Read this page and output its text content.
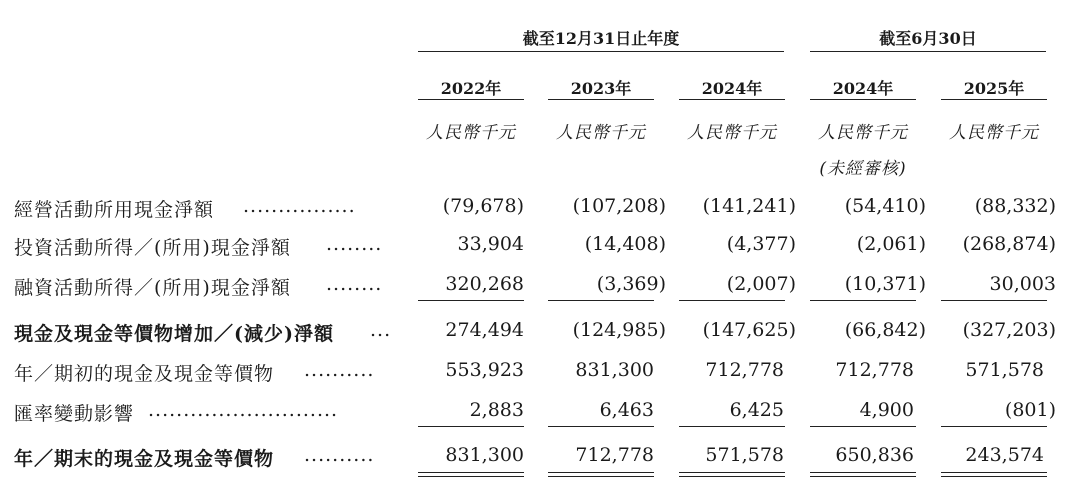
截至12月31日止年度	截至6月30日
2022年	2023年	2024年	2024年	2025年
人民幣千元	人民幣千元	人民幣千元	人民幣千元	人民幣千元
(未經審核)
經營活動所用現金淨額 ................	(79,678)	(107,208)	(141,241)	(54,410)	(88,332)
投資活動所得／(所用)現金淨額 ........	33,904	(14,408)	(4,377)	(2,061)	(268,874)
融資活動所得／(所用)現金淨額 ........	320,268	(3,369)	(2,007)	(10,371)	30,003
現金及現金等價物增加／(減少)淨額 ...	274,494	(124,985)	(147,625)	(66,842)	(327,203)
年／期初的現金及現金等價物 ..........	553,923	831,300	712,778	712,778	571,578
匯率變動影響 ...........................	2,883	6,463	6,425	4,900	(801)
年／期末的現金及現金等價物 ..........	831,300	712,778	571,578	650,836	243,574
